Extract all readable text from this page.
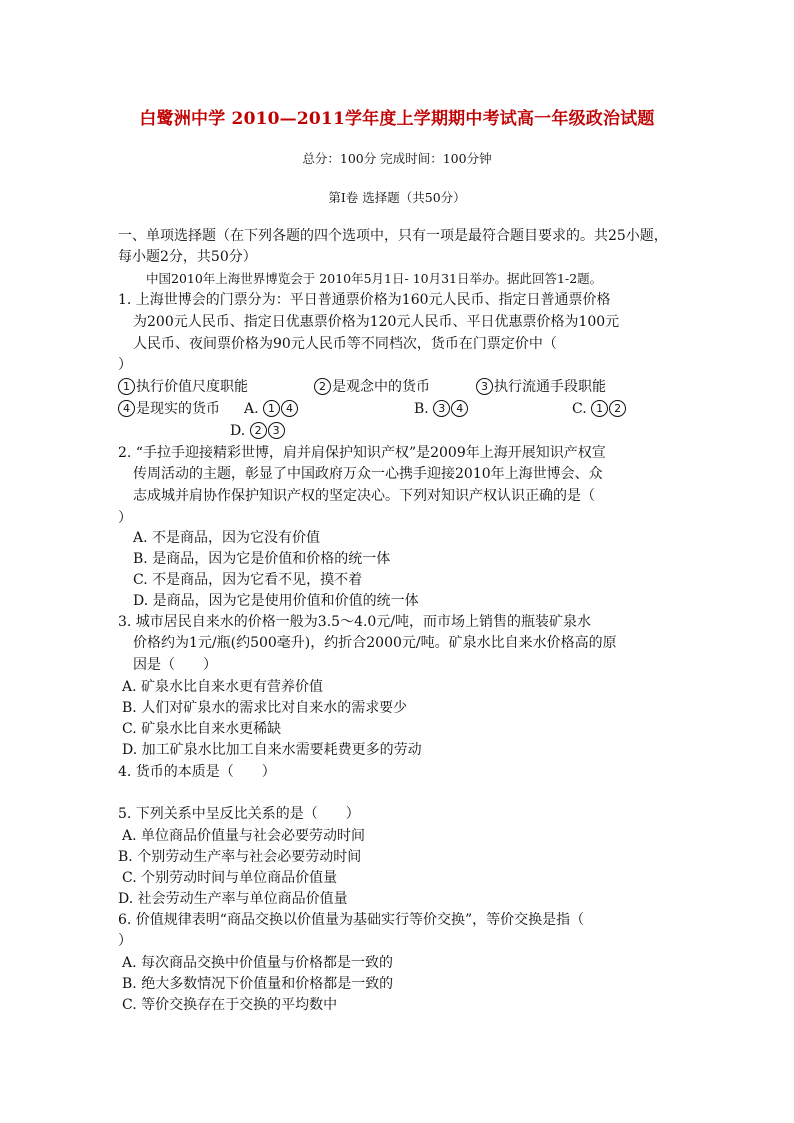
白鹭洲中学 2010—2011学年度上学期期中考试高一年级政治试题
总分：100分 完成时间：100分钟
第Ⅰ卷 选择题（共50分）
一、单项选择题（在下列各题的四个选项中，只有一项是最符合题目要求的。共25小题，
每小题2分，共50分）
中国2010年上海世界博览会于 2010年5月1日- 10月31日举办。据此回答1-2题。
1. 上海世博会的门票分为：平日普通票价格为160元人民币、指定日普通票价格
为200元人民币、指定日优惠票价格为120元人民币、平日优惠票价格为100元
人民币、夜间票价格为90元人民币等不同档次，货币在门票定价中（
）
1 执行价值尺度职能	2 是观念中的货币	3 执行流通手段职能
4 是现实的货币 A. 1 4	B. 3 4	C. 1 2
D. 2 3
2. “手拉手迎接精彩世博，肩并肩保护知识产权”是2009年上海开展知识产权宣
传周活动的主题，彰显了中国政府万众一心携手迎接2010年上海世博会、众
志成城并肩协作保护知识产权的坚定决心。下列对知识产权认识正确的是（
）
A. 不是商品，因为它没有价值
B. 是商品，因为它是价值和价格的统一体
C. 不是商品，因为它看不见，摸不着
D. 是商品，因为它是使用价值和价值的统一体
3. 城市居民自来水的价格一般为3.5～4.0元/吨，而市场上销售的瓶装矿泉水
价格约为1元/瓶(约500毫升)，约折合2000元/吨。矿泉水比自来水价格高的原
因是（　　）
A. 矿泉水比自来水更有营养价值
B. 人们对矿泉水的需求比对自来水的需求要少
C. 矿泉水比自来水更稀缺
D. 加工矿泉水比加工自来水需要耗费更多的劳动
4. 货币的本质是（　　）
5. 下列关系中呈反比关系的是（　　）
A. 单位商品价值量与社会必要劳动时间
B. 个别劳动生产率与社会必要劳动时间
C. 个别劳动时间与单位商品价值量
D. 社会劳动生产率与单位商品价值量
6. 价值规律表明“商品交换以价值量为基础实行等价交换”，等价交换是指（
）
A. 每次商品交换中价值量与价格都是一致的
B. 绝大多数情况下价值量和价格都是一致的
C. 等价交换存在于交换的平均数中
